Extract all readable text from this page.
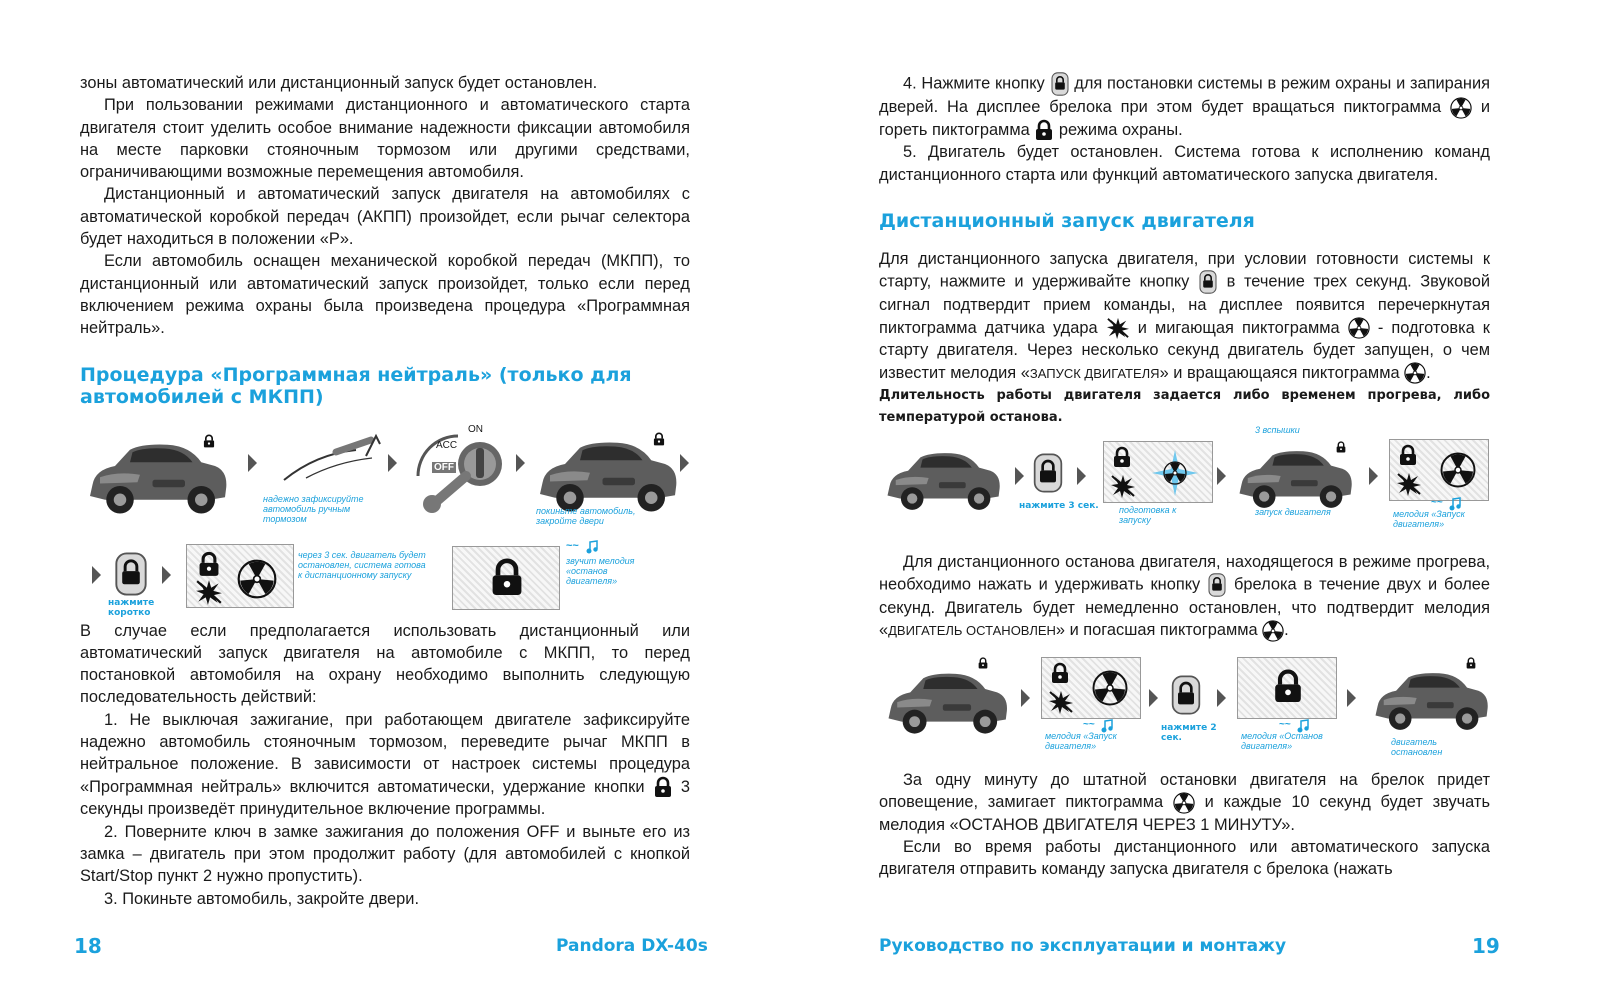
зоны автоматический или дистанционный запуск будет остановлен.

При пользовании режимами дистанционного и автоматического старта двигателя стоит уделить особое внимание надежности фиксации автомобиля на месте парковки стояночным тормозом или другими средствами, ограничивающими возможные перемещения автомобиля.

Дистанционный и автоматический запуск двигателя на автомобилях с автоматической коробкой передач (АКПП) произойдет, если рычаг селектора будет находиться в положении «P».

Если автомобиль оснащен механической коробкой передач (МКПП), то дистанционный или автоматический запуск произойдет, только если перед включением режима охраны была произведена процедура «Программная нейтраль».

Процедура «Программная нейтраль» (только для автомобилей с МКПП)
надежно зафиксируйте автомобиль ручным тормозом
ACC
ON
OFF
покиньте автомобиль, закройте двери
нажмите коротко
через 3 сек. двигатель будет остановлен, система готова к дистанционному запуску
~~
звучит мелодия «останов двигателя»

В случае если предполагается использовать дистанционный или автоматический запуск двигателя на автомобиле с МКПП, то перед постановкой автомобиля на охрану необходимо выполнить следующую последовательность действий:

1. Не выключая зажигание, при работающем двигателе зафиксируйте надежно автомобиль стояночным тормозом, переведите рычаг МКПП в нейтральное положение. В зависимости от настроек системы процедура «Программная нейтраль» включится автоматически, удержание кнопки 3 секунды произведёт принудительное включение программы.

2. Поверните ключ в замке зажигания до положения OFF и выньте его из замка – двигатель при этом продолжит работу (для автомобилей с кнопкой Start/Stop пункт 2 нужно пропустить).

3. Покиньте автомобиль, закройте двери.

18	Pandora DX-40s

4. Нажмите кнопку для постановки системы в режим охраны и запирания дверей. На дисплее брелока при этом будет вращаться пиктограмма и гореть пиктограмма режима охраны.

5. Двигатель будет остановлен. Система готова к исполнению команд дистанционного старта или функций автоматического запуска двигателя.

Дистанционный запуск двигателя

Для дистанционного запуска двигателя, при условии готовности системы к старту, нажмите и удерживайте кнопку в течение трех секунд. Звуковой сигнал подтвердит прием команды, на дисплее появится перечеркнутая пиктограмма датчика удара и мигающая пиктограмма - подготовка к старту двигателя. Через несколько секунд двигатель будет запущен, о чем известит мелодия «ЗАПУСК ДВИГАТЕЛЯ» и вращающаяся пиктограмма .

Длительность работы двигателя задается либо временем прогрева, либо температурой останова.

нажмите 3 сек. подготовка к запуску
3 вспышки
запуск двигателя
~~
мелодия «Запуск двигателя»

Для дистанционного останова двигателя, находящегося в режиме прогрева, необходимо нажать и удерживать кнопку брелока в течение двух и более секунд. Двигатель будет немедленно остановлен, что подтвердит мелодия «ДВИГАТЕЛЬ ОСТАНОВЛЕН» и погасшая пиктограмма .

~~
мелодия «Запуск двигателя»
нажмите 2 сек.
~~
мелодия «Останов двигателя»	двигатель остановлен

За одну минуту до штатной остановки двигателя на брелок придет оповещение, замигает пиктограмма	и каждые 10 секунд будет звучать мелодия «ОСТАНОВ ДВИГАТЕЛЯ ЧЕРЕЗ 1 МИНУТУ».

Если во время работы дистанционного или автоматического запуска двигателя отправить команду запуска двигателя с брелока (нажать

Руководство по эксплуатации и монтажу	19
